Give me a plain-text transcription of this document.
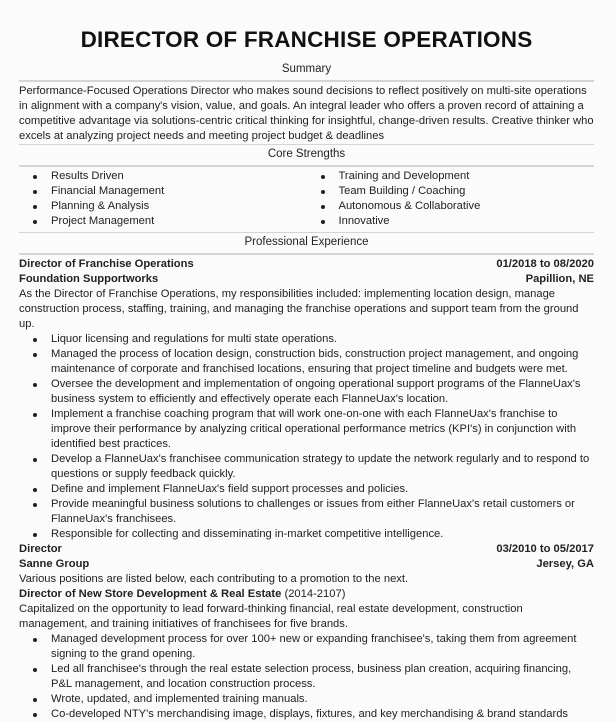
DIRECTOR OF FRANCHISE OPERATIONS
Summary

Performance-Focused Operations Director who makes sound decisions to reflect positively on multi-site operations in alignment with a company's vision, value, and goals. An integral leader who offers a proven record of attaining a competitive advantage via solutions-centric critical thinking for insightful, change-driven results. Creative thinker who excels at analyzing project needs and meeting project budget & deadlines

Core Strengths
Results Driven
Financial Management
Planning & Analysis
Project Management
Training and Development
Team Building / Coaching
Autonomous & Collaborative
Innovative
Professional Experience
Director of Franchise Operations	01/2018 to 08/2020
Foundation Supportworks	Papillion, NE

As the Director of Franchise Operations, my responsibilities included: implementing location design, manage construction process, staffing, training, and managing the franchise operations and support team from the ground up.

Liquor licensing and regulations for multi state operations.
Managed the process of location design, construction bids, construction project management, and ongoing maintenance of corporate and franchised locations, ensuring that project timeline and budgets were met.
Oversee the development and implementation of ongoing operational support programs of the FlanneUax's business system to efficiently and effectively operate each FlanneUax's location.
Implement a franchise coaching program that will work one-on-one with each FlanneUax's franchise to improve their performance by analyzing critical operational performance metrics (KPI's) in conjunction with identified best practices.
Develop a FlanneUax's franchisee communication strategy to update the network regularly and to respond to questions or supply feedback quickly.
Define and implement FlanneUax's field support processes and policies.
Provide meaningful business solutions to challenges or issues from either FlanneUax's retail customers or FlanneUax's franchisees.
Responsible for collecting and disseminating in-market competitive intelligence.
Director	03/2010 to 05/2017
Sanne Group	Jersey, GA

Various positions are listed below, each contributing to a promotion to the next.

Director of New Store Development & Real Estate (2014-2107)

Capitalized on the opportunity to lead forward-thinking financial, real estate development, construction management, and training initiatives of franchisees for five brands.

Managed development process for over 100+ new or expanding franchisee's, taking them from agreement signing to the grand opening.
Led all franchisee's through the real estate selection process, business plan creation, acquiring financing, P&L management, and location construction process.
Wrote, updated, and implemented training manuals.
Co-developed NTY's merchandising image, displays, fixtures, and key merchandising & brand standards
